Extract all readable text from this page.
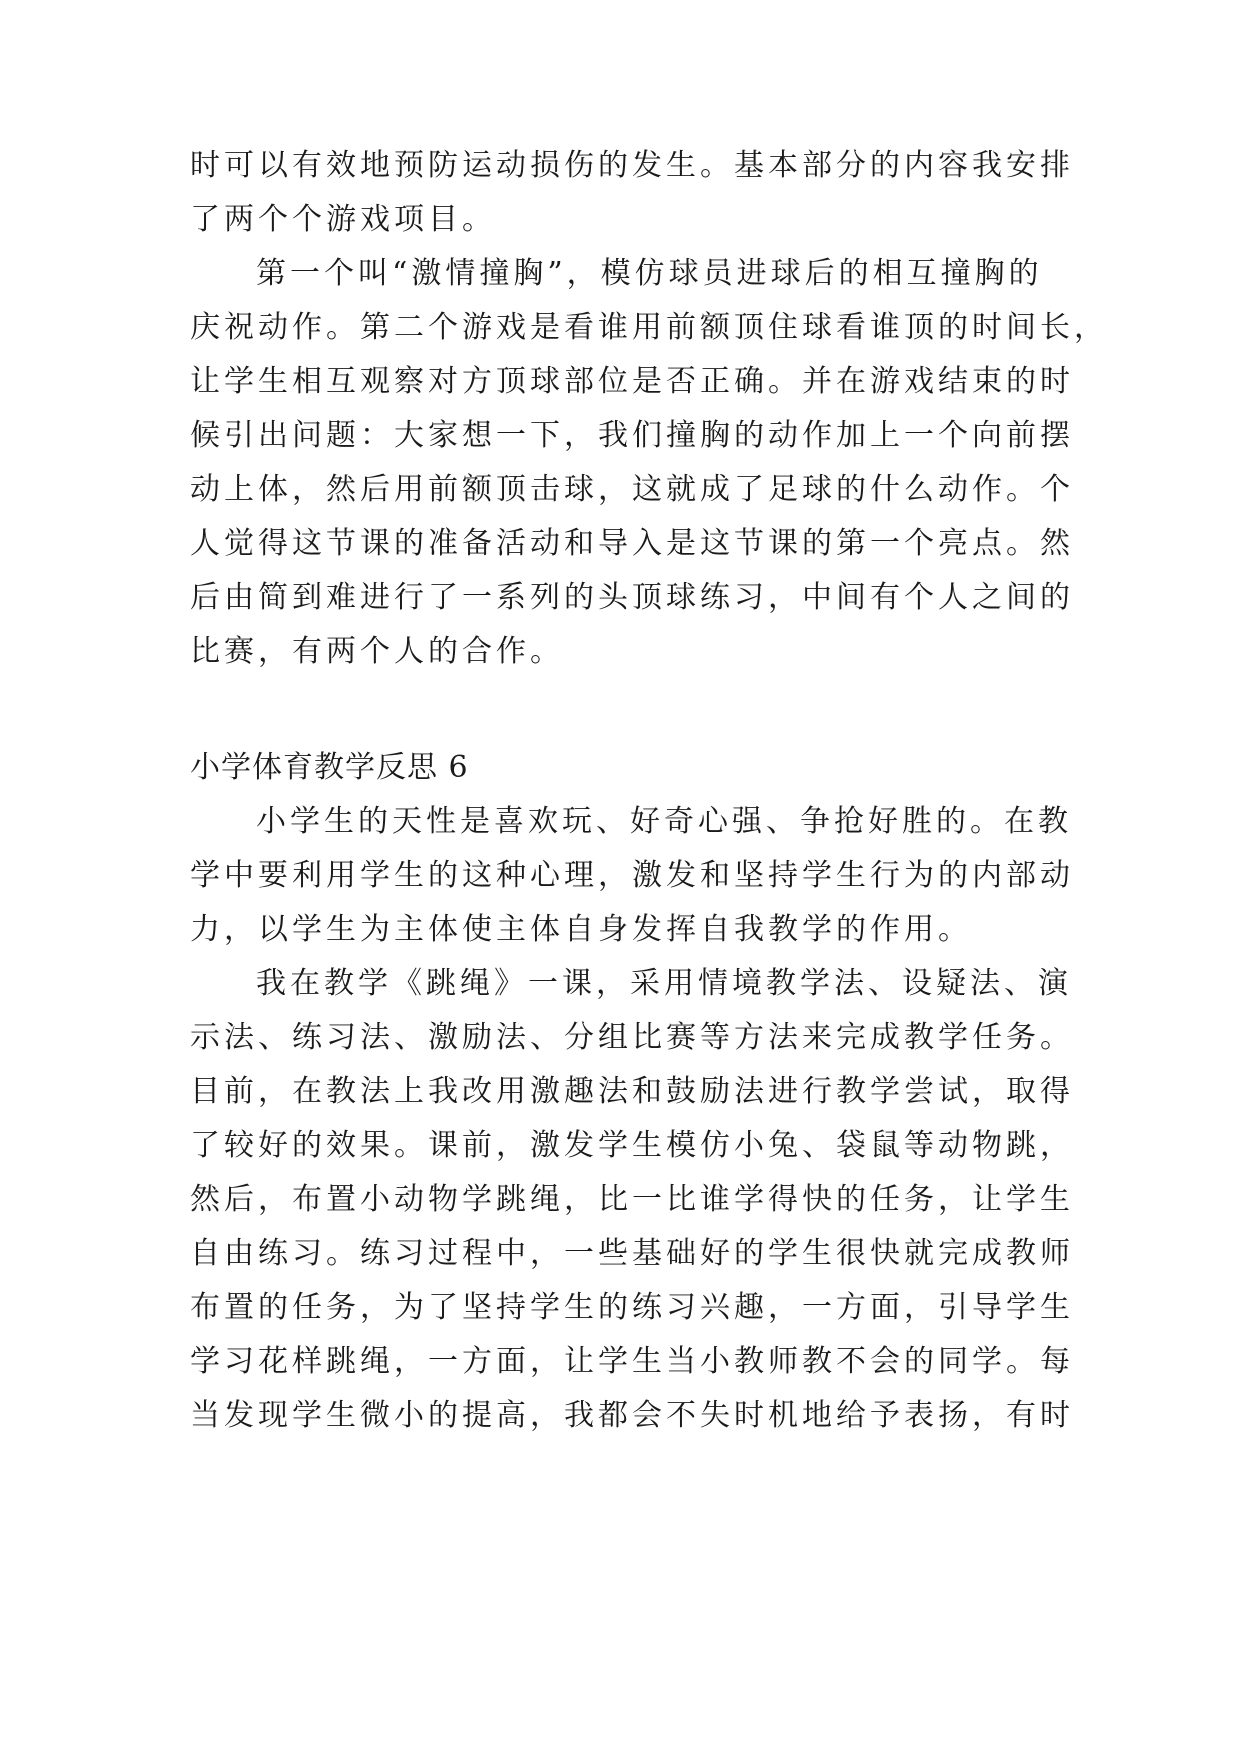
时可以有效地预防运动损伤的发生。基本部分的内容我安排
了两个个游戏项目。
第一个叫“激情撞胸”，模仿球员进球后的相互撞胸的
庆祝动作。第二个游戏是看谁用前额顶住球看谁顶的时间长，
让学生相互观察对方顶球部位是否正确。并在游戏结束的时
候引出问题：大家想一下，我们撞胸的动作加上一个向前摆
动上体，然后用前额顶击球，这就成了足球的什么动作。个
人觉得这节课的准备活动和导入是这节课的第一个亮点。然
后由简到难进行了一系列的头顶球练习，中间有个人之间的
比赛，有两个人的合作。
小学体育教学反思 6
小学生的天性是喜欢玩、好奇心强、争抢好胜的。在教
学中要利用学生的这种心理，激发和坚持学生行为的内部动
力，以学生为主体使主体自身发挥自我教学的作用。
我在教学《跳绳》一课，采用情境教学法、设疑法、演
示法、练习法、激励法、分组比赛等方法来完成教学任务。
目前，在教法上我改用激趣法和鼓励法进行教学尝试，取得
了较好的效果。课前，激发学生模仿小兔、袋鼠等动物跳，
然后，布置小动物学跳绳，比一比谁学得快的任务，让学生
自由练习。练习过程中，一些基础好的学生很快就完成教师
布置的任务，为了坚持学生的练习兴趣，一方面，引导学生
学习花样跳绳，一方面，让学生当小教师教不会的同学。每
当发现学生微小的提高，我都会不失时机地给予表扬，有时
